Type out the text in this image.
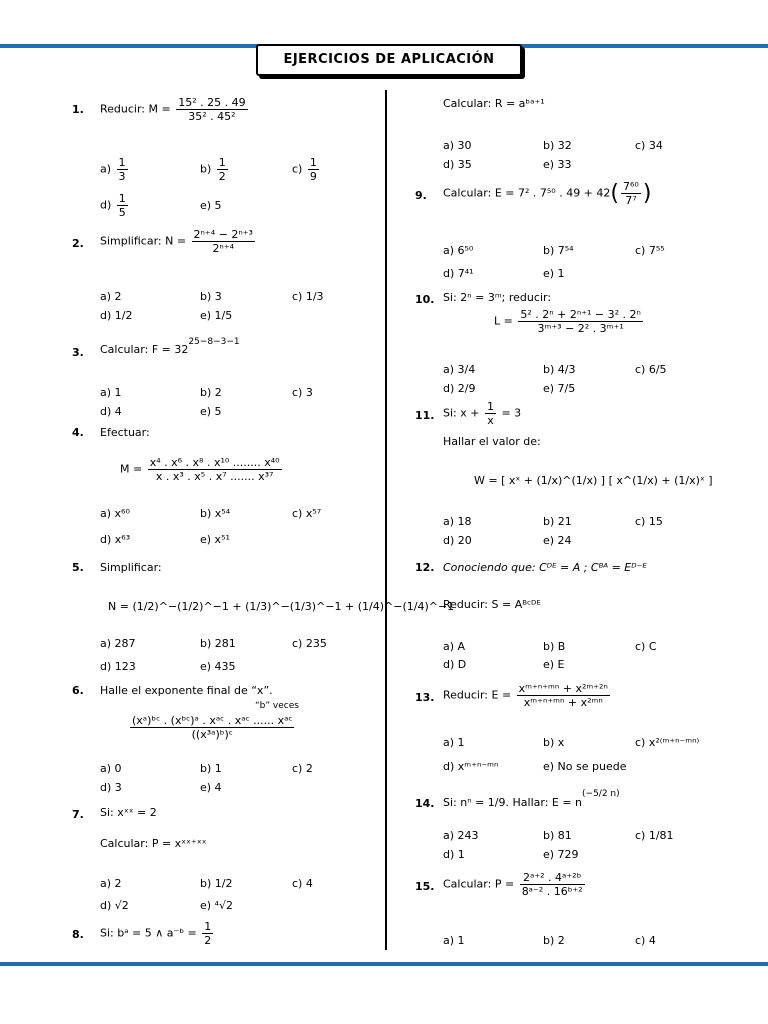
EJERCICIOS DE APLICACIÓN
1. Reducir: $M = \frac{\text{15² . 25 . 49}}{\text{35² . 45²}}$
$a) \frac{1}{3}$	$b) \frac{1}{2}$	$c) \frac{1}{9}$
$d) \frac{1}{5}$	e) 5
2. Simplificar: $N = \frac{\text{2ⁿ⁺⁴ − 2ⁿ⁺³}}{\text{2ⁿ⁺⁴}}$
a) 2	b) 3	c) 1/3
d) 1/2	e) 1/5
3. Calcular: $F = 32^{25-8-3-1}$
a) 1	b) 2	c) 3
d) 4	e) 5
4. Efectuar:
$M = \frac{\text{x⁴ . x⁶ . x⁸ . x¹⁰ ........ x⁴⁰}}{\text{x . x³ . x⁵ . x⁷ ....... x³⁷}}$
a) x⁶⁰	b) x⁵⁴	c) x⁵⁷
d) x⁶³	e) x⁵¹
5. Simplificar:
N = (1/2)^−(1/2)^−1 + (1/3)^−(1/3)^−1 + (1/4)^−(1/4)^−1
a) 287	b) 281	c) 235
d) 123	e) 435
6. Halle el exponente final de “x”.
“b” veces
$\frac{\text{(xᵃ)ᵇᶜ . (xᵇᶜ)ᵃ . xᵃᶜ . xᵃᶜ ...... xᵃᶜ}}{\text{((x³ᵃ)ᵇ)ᶜ}}$
a) 0	b) 1	c) 2
d) 3	e) 4
7. Si: xˣˣ = 2
Calcular: P = xˣˣ⁺ˣˣ
a) 2	b) 1/2	c) 4
d) √2	e) ⁴√2
8. Si: bᵃ = 5 ∧ a⁻ᵇ = $\frac{1}{2}$
Calcular: R = aᵇᵃ⁺¹
a) 30	b) 32	c) 34
d) 35	e) 33
9. Calcular: E = 7² . 7⁵⁰ . $49 + 42( \frac{\text{7⁶⁰}}{\text{7⁷}}$ )
a) 6⁵⁰	b) 7⁵⁴	c) 7⁵⁵
d) 7⁴¹	e) 1
10. Si: 2ⁿ = 3ᵐ; reducir:
$L = \frac{\text{5² . 2ⁿ + 2ⁿ⁺¹ − 3² . 2ⁿ}}{\text{3ᵐ⁺³ − 2² . 3ᵐ⁺¹}}$
a) 3/4	b) 4/3	c) 6/5
d) 2/9	e) 7/5
11. Si: $x + \frac{1}{x} = 3$
Hallar el valor de:
W = [ xˣ + (1/x)^(1/x) ] [ x^(1/x) + (1/x)ˣ ]
a) 18	b) 21	c) 15
d) 20	e) 24
12. Conociendo que: Cᴰᴱ = A ; Cᴮᴬ = Eᴰ⁻ᴱ
Reducir: S = Aᴮᶜᴰᴱ
a) A	b) B	c) C
d) D	e) E
13. Reducir: $E = \frac{\text{xᵐ⁺ⁿ⁺ᵐⁿ + x²ᵐ⁺²ⁿ}}{\text{xᵐ⁺ⁿ⁺ᵐⁿ + x²ᵐⁿ}}$
a) 1	b) x	c) x²⁽ᵐ⁺ⁿ⁻ᵐⁿ⁾
d) xᵐ⁺ⁿ⁻ᵐⁿ	e) No se puede
14. Si: nⁿ = 1/9. Hallar: $E = n^{(-5/2 n)}$
a) 243	b) 81	c) 1/81
d) 1	e) 729
15. Calcular: $P = \frac{\text{2ᵃ⁺² . 4ᵃ⁺²ᵇ}}{\text{8ᵃ⁻² . 16ᵇ⁺²}}$
a) 1	b) 2	c) 4
